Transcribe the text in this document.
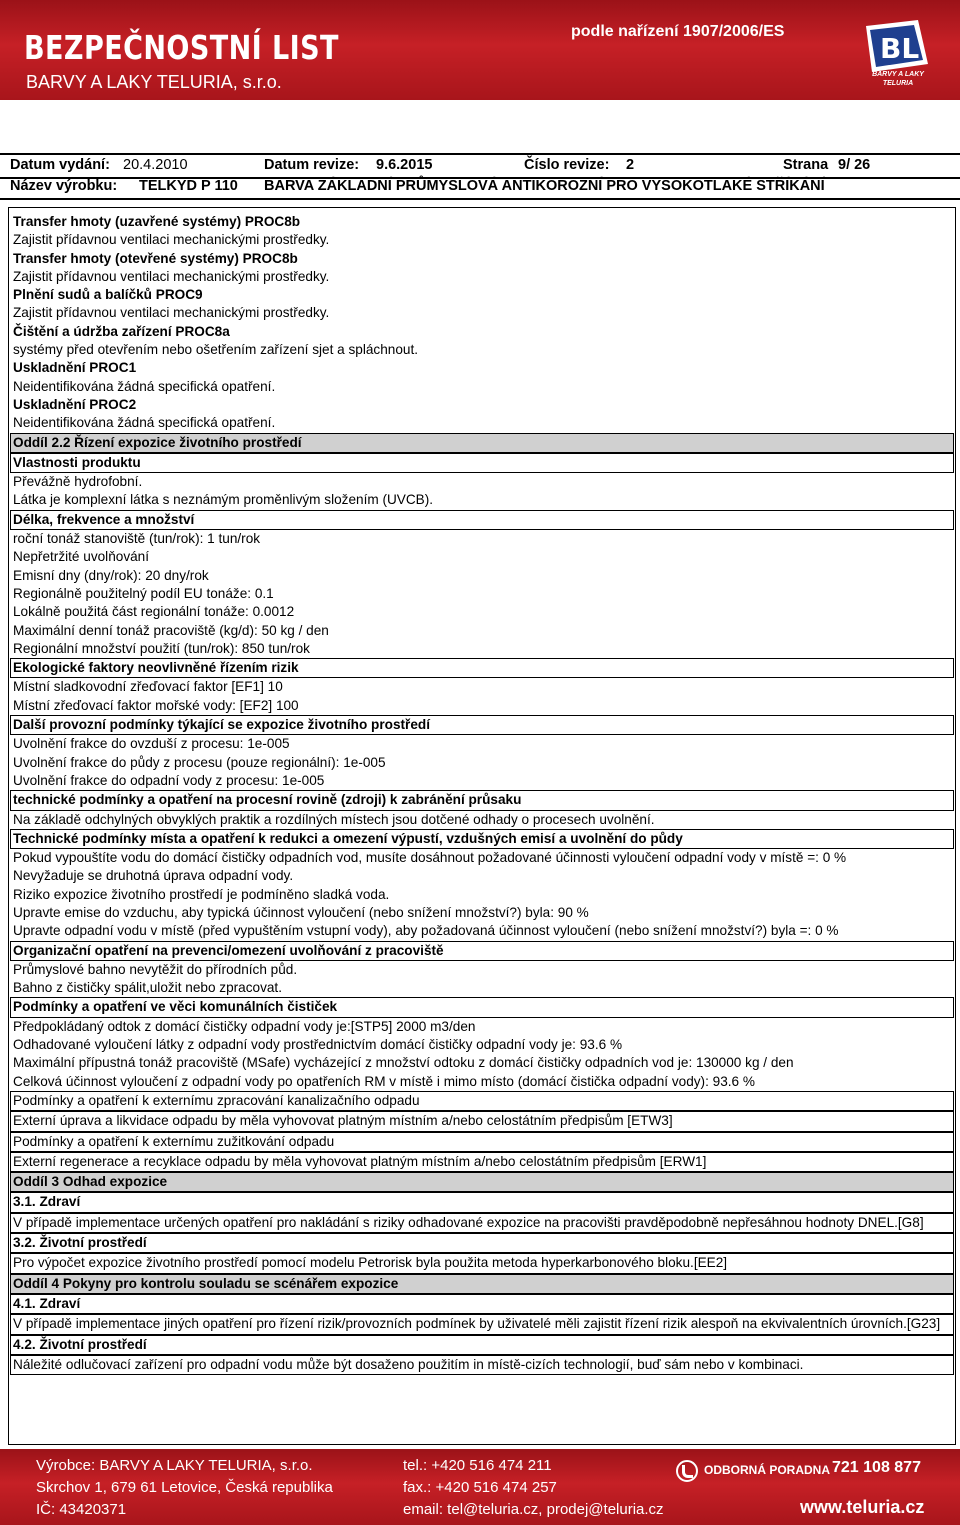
BEZPEČNOSTNÍ LIST
BARVY A LAKY TELURIA, s.r.o.
podle nařízení 1907/2006/ES
BL
BARVY A LAKY TELURIA
Datum vydání: 20.4.2010	Datum revize: 9.6.2015	Číslo revize: 2	Strana 9/ 26
Název výrobku: TELKYD P 110 BARVA ZÁKLADNÍ PRŮMYSLOVÁ ANTIKOROZNÍ PRO VYSOKOTLAKÉ STŘÍKÁNÍ
Transfer hmoty (uzavřené systémy) PROC8b
Zajistit přídavnou ventilaci mechanickými prostředky.
Transfer hmoty (otevřené systémy) PROC8b
Zajistit přídavnou ventilaci mechanickými prostředky.
Plnění sudů a balíčků PROC9
Zajistit přídavnou ventilaci mechanickými prostředky.
Čištění a údržba zařízení PROC8a
systémy před otevřením nebo ošetřením zařízení sjet a spláchnout.
Uskladnění PROC1
Neidentifikována žádná specifická opatření.
Uskladnění PROC2
Neidentifikována žádná specifická opatření.
Oddíl 2.2 Řízení expozice životního prostředí
Vlastnosti produktu
Převážně hydrofobní.
Látka je komplexní látka s neznámým proměnlivým složením (UVCB).
Délka, frekvence a množství
roční tonáž stanoviště (tun/rok): 1 tun/rok
Nepřetržité uvolňování
Emisní dny (dny/rok): 20 dny/rok
Regionálně použitelný podíl EU tonáže: 0.1
Lokálně použitá část regionální tonáže: 0.0012
Maximální denní tonáž pracoviště (kg/d): 50 kg / den
Regionální množství použití (tun/rok): 850 tun/rok
Ekologické faktory neovlivněné řízením rizik
Místní sladkovodní zřeďovací faktor [EF1] 10
Místní zřeďovací faktor mořské vody: [EF2] 100
Další provozní podmínky týkající se expozice životního prostředí
Uvolnění frakce do ovzduší z procesu: 1e-005
Uvolnění frakce do půdy z procesu (pouze regionální): 1e-005
Uvolnění frakce do odpadní vody z procesu: 1e-005
technické podmínky a opatření na procesní rovině (zdroji) k zabránění průsaku
Na základě odchylných obvyklých praktik a rozdílných místech jsou dotčené odhady o procesech uvolnění.
Technické podmínky místa a opatření k redukci a omezení výpustí, vzdušných emisí a uvolnění do půdy
Pokud vypouštíte vodu do domácí čističky odpadních vod, musíte dosáhnout požadované účinnosti vyloučení odpadní vody v místě =: 0 %
Nevyžaduje se druhotná úprava odpadní vody.
Riziko expozice životního prostředí je podmíněno sladká voda.
Upravte emise do vzduchu, aby typická účinnost vyloučení (nebo snížení množství?) byla: 90 %
Upravte odpadní vodu v místě (před vypuštěním vstupní vody), aby požadovaná účinnost vyloučení (nebo snížení množství?) byla =: 0 %
Organizační opatření na prevenci/omezení uvolňování z pracoviště
Průmyslové bahno nevytěžit do přírodních půd.
Bahno z čističky spálit,uložit nebo zpracovat.
Podmínky a opatření ve věci komunálních čističek
Předpokládaný odtok z domácí čističky odpadní vody je:[STP5] 2000 m3/den
Odhadované vyloučení látky z odpadní vody prostřednictvím domácí čističky odpadní vody je: 93.6 %
Maximální přípustná tonáž pracoviště (MSafe) vycházející z množství odtoku z domácí čističky odpadních vod je: 130000 kg / den
Celková účinnost vyloučení z odpadní vody po opatřeních RM v místě i mimo místo (domácí čistička odpadní vody): 93.6 %
Podmínky a opatření k externímu zpracování kanalizačního odpadu
Externí úprava a likvidace odpadu by měla vyhovovat platným místním a/nebo celostátním předpisům [ETW3]
Podmínky a opatření k externímu zužitkování odpadu
Externí regenerace a recyklace odpadu by měla vyhovovat platným místním a/nebo celostátním předpisům [ERW1]
Oddíl 3 Odhad expozice
3.1. Zdraví
V případě implementace určených opatření pro nakládání s riziky odhadované expozice na pracovišti pravděpodobně nepřesáhnou hodnoty DNEL.[G8]
3.2. Životní prostředí
Pro výpočet expozice životního prostředí pomocí modelu Petrorisk byla použita metoda hyperkarbonového bloku.[EE2]
Oddíl 4 Pokyny pro kontrolu souladu se scénářem expozice
4.1. Zdraví
V případě implementace jiných opatření pro řízení rizik/provozních podmínek by uživatelé měli zajistit řízení rizik alespoň na ekvivalentních úrovních.[G23]
4.2. Životní prostředí
Náležité odlučovací zařízení pro odpadní vodu může být dosaženo použitím in místě-cizích technologií, buď sám nebo v kombinaci.
Výrobce: BARVY A LAKY TELURIA, s.r.o.
Skrchov 1, 679 61 Letovice, Česká republika
IČ: 43420371
tel.: +420 516 474 211
fax.: +420 516 474 257
email: tel@teluria.cz, prodej@teluria.cz
ODBORNÁ PORADNA 721 108 877
www.teluria.cz
